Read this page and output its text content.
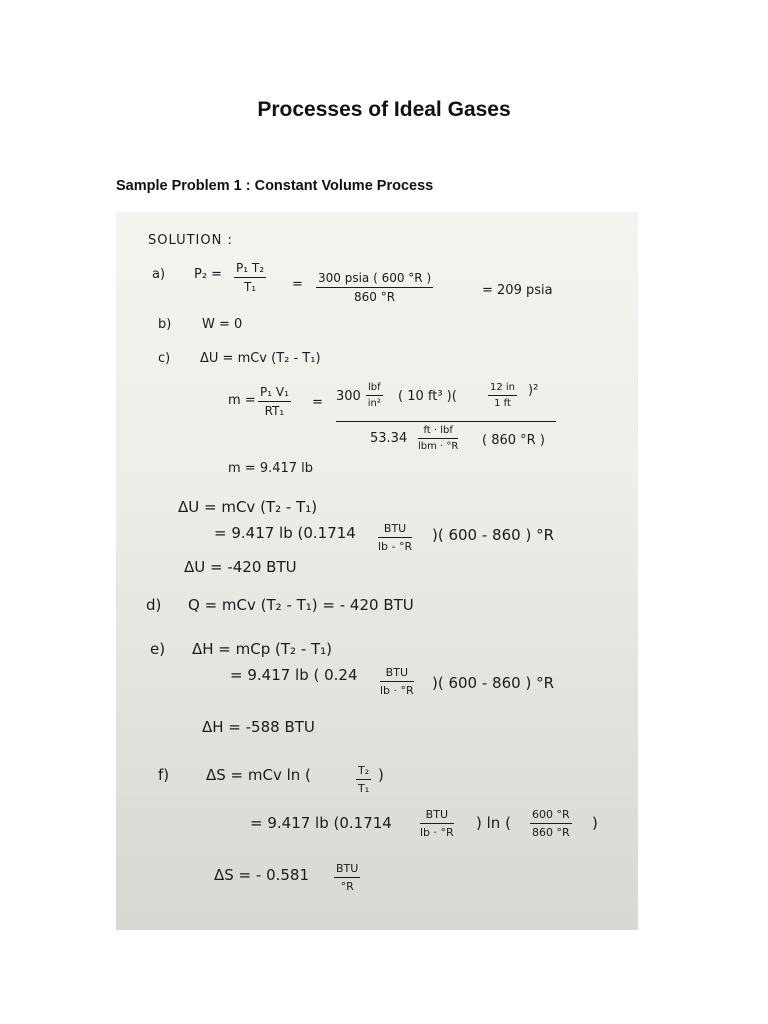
Processes of Ideal Gases
Sample Problem 1 : Constant Volume Process
SOLUTION :
a) $P_2 = \frac{\text{P₁ T₂}}{\text{T₁}} = 300$ psia ( 600 °R )
860 °R	= 209 psia
b) W = 0
c) ΔU = mCv (T₂ - T₁)
$m = \frac{\text{P₁ V₁}}{\text{RT₁}} = 300$
lbf
in² ( 10 ft³ )(	$\frac{12 in}{1 ft} )^2$
53.34
ft · lbf
lbm · °R ( 860 °R )
m = 9.417 lb
ΔU = mCv (T₂ - T₁)
= 9.417 lb (0.1714	BTU
lb - °R
)( 600 - 860 ) °R
ΔU = -420 BTU
d) Q = mCv (T₂ - T₁) = - 420 BTU
e) ΔH = mCp (T₂ - T₁)
= 9.417 lb ( 0.24	BTU
lb · °R )( 600 - 860 ) °R
ΔH = -588 BTU
f) ΔS = mCv ln (	$\frac{\text{T₂}}{\text{T₁}}$ )
= 9.417 lb (0.1714	BTU
lb · °R
) ln ( $\frac{600 ^\circ R}{860 ^\circ R}$ )
ΔS = - 0.581 BTU
°R
